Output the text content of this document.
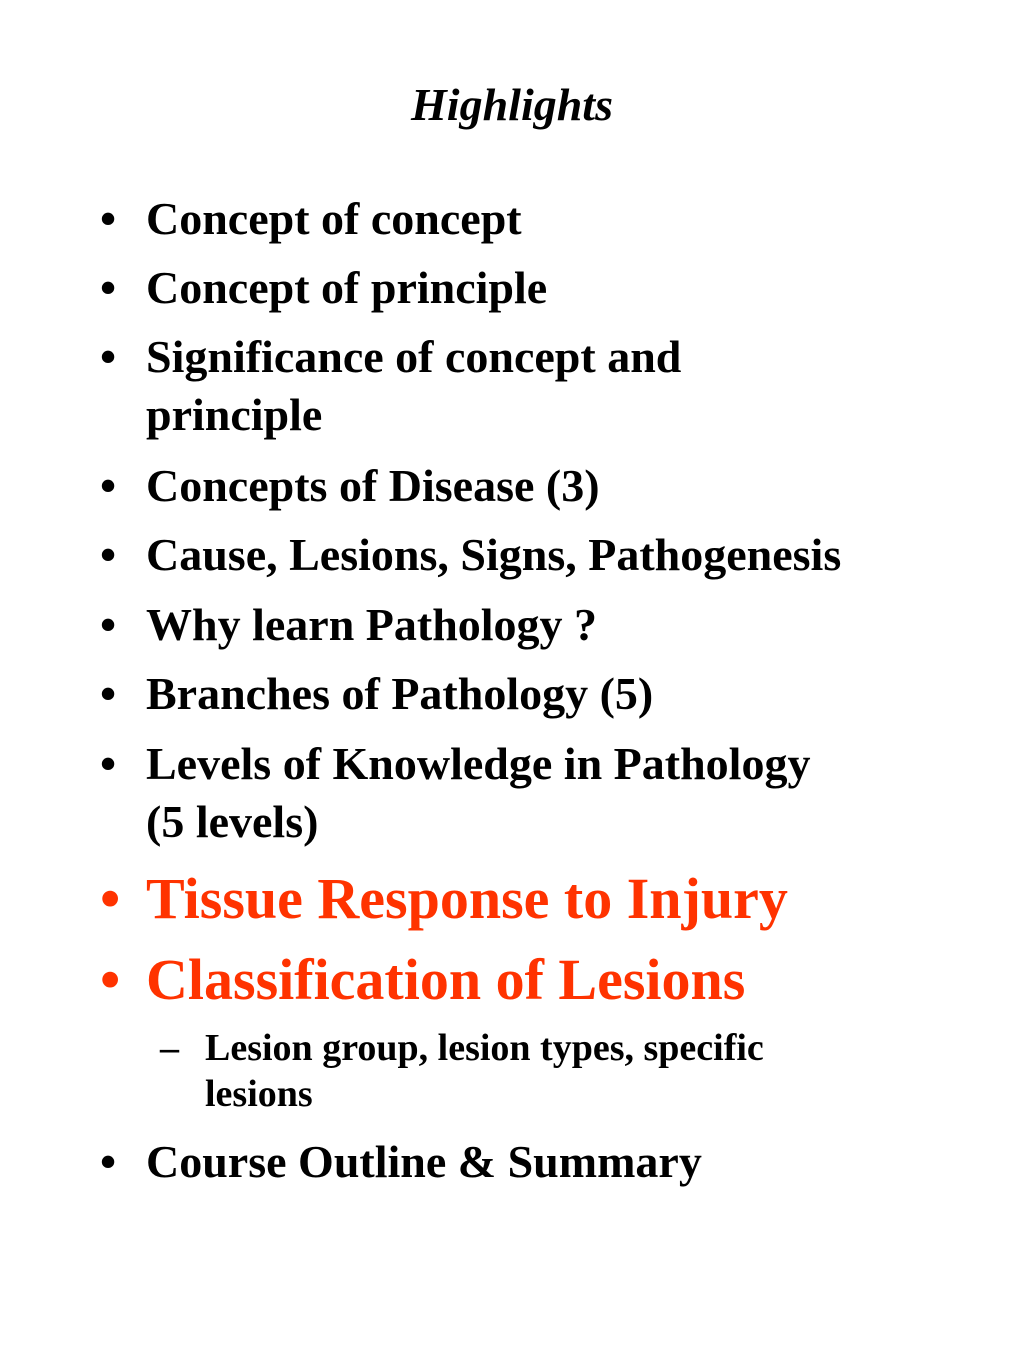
Highlights
• Concept of concept
• Concept of principle
• Significance of concept and
principle
• Concepts of Disease (3)
• Cause, Lesions, Signs, Pathogenesis
• Why learn Pathology ?
• Branches of Pathology (5)
• Levels of Knowledge in Pathology
(5 levels)
• Tissue Response to Injury
• Classification of Lesions
– Lesion group, lesion types, specific
lesions
• Course Outline & Summary
